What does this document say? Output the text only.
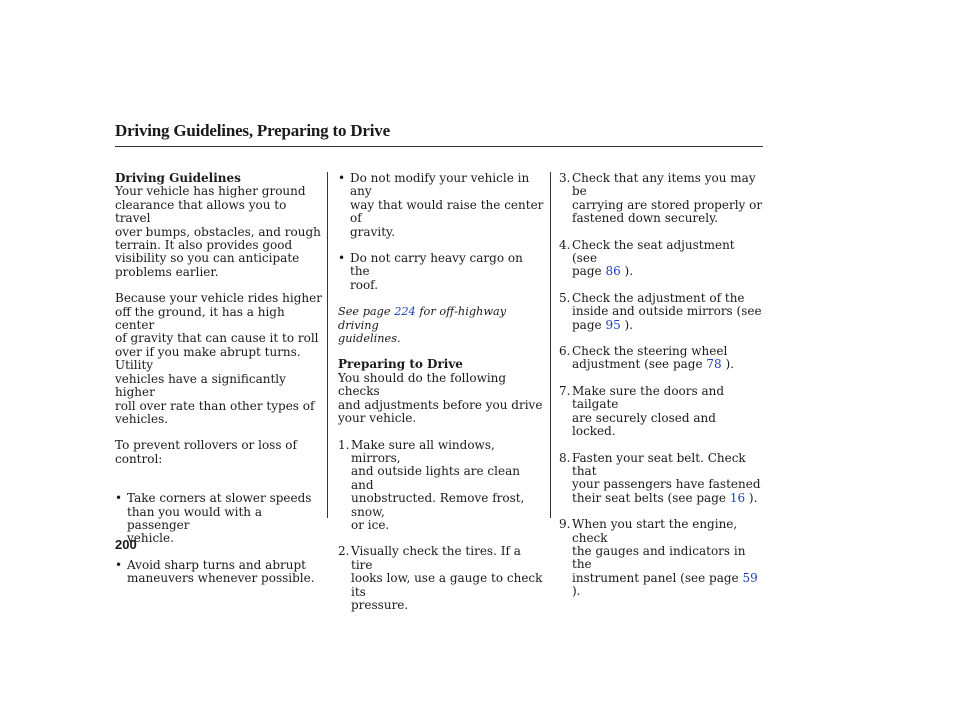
Driving Guidelines, Preparing to Drive

Driving Guidelines

Your vehicle has higher ground

clearance that allows you to travel

over bumps, obstacles, and rough

terrain. It also provides good

visibility so you can anticipate

problems earlier.

Because your vehicle rides higher

off the ground, it has a high center

of gravity that can cause it to roll

over if you make abrupt turns. Utility

vehicles have a significantly higher

roll over rate than other types of

vehicles.

To prevent rollovers or loss of

control:

• Take corners at slower speeds

than you would with a passenger

vehicle.

• Avoid sharp turns and abrupt

maneuvers whenever possible.

• Do not modify your vehicle in any

way that would raise the center of

gravity.

• Do not carry heavy cargo on the

roof.

See page 224 for off-highway driving

guidelines.

Preparing to Drive

You should do the following checks

and adjustments before you drive

your vehicle.

1. Make sure all windows, mirrors,

and outside lights are clean and

unobstructed. Remove frost, snow,

or ice.

2. Visually check the tires. If a tire

looks low, use a gauge to check its

pressure.

3. Check that any items you may be

carrying are stored properly or

fastened down securely.

4. Check the seat adjustment (see

page 86 ).

5. Check the adjustment of the

inside and outside mirrors (see

page 95 ).

6. Check the steering wheel

adjustment (see page 78 ).

7. Make sure the doors and tailgate

are securely closed and locked.

8. Fasten your seat belt. Check that

your passengers have fastened

their seat belts (see page 16 ).

9. When you start the engine, check

the gauges and indicators in the

instrument panel (see page 59 ).

200
